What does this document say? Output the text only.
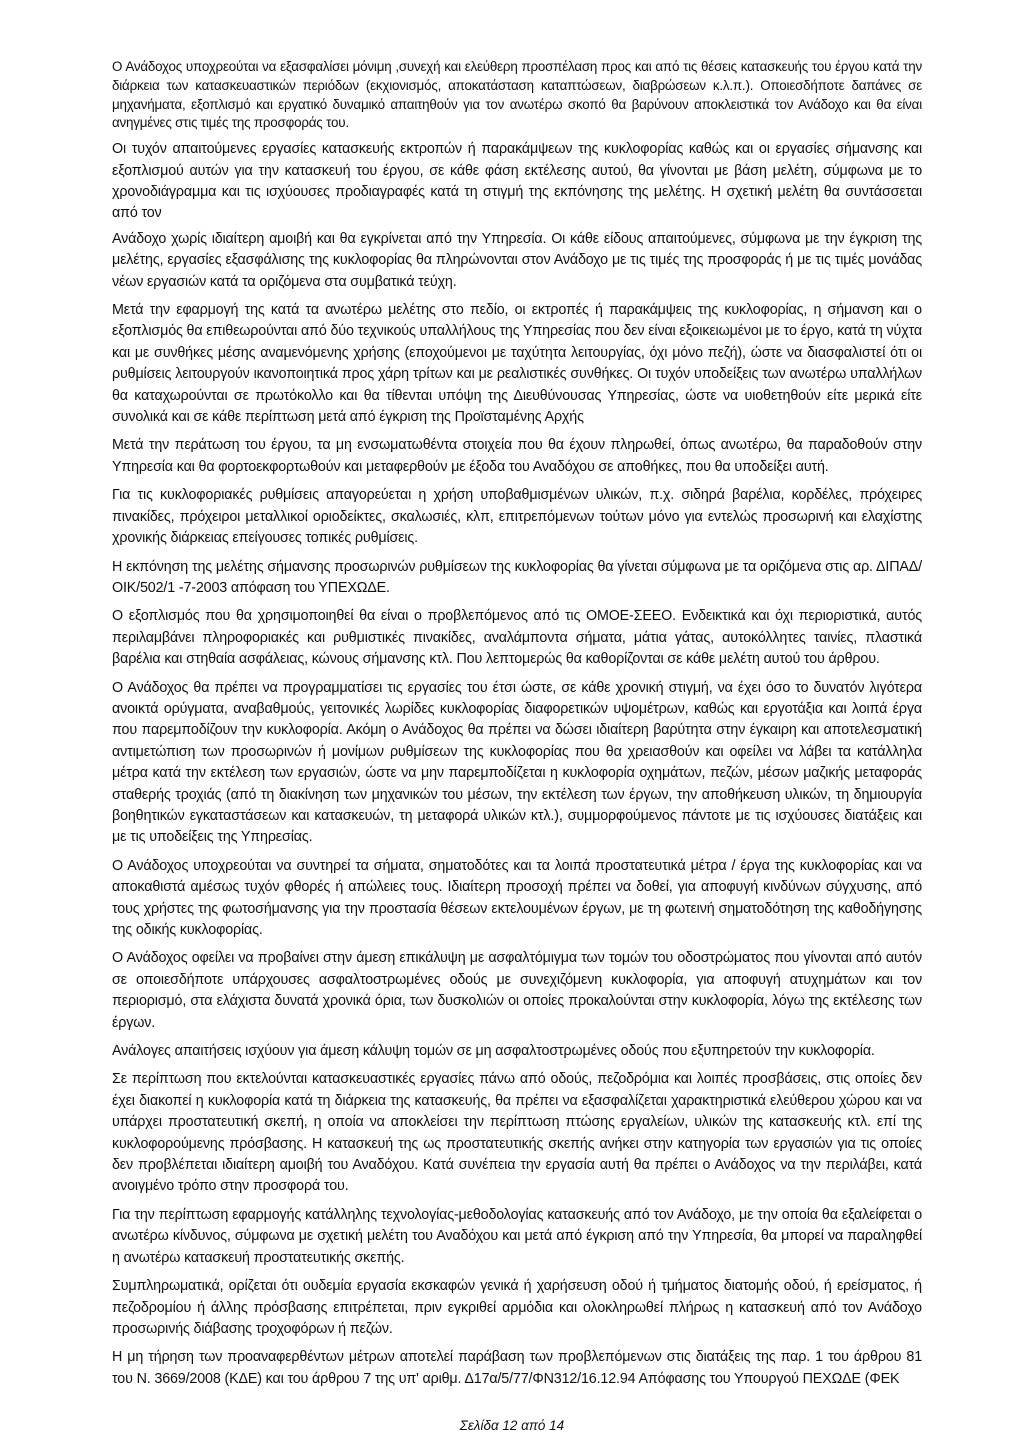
Ο Ανάδοχος υποχρεούται να εξασφαλίσει μόνιμη ,συνεχή και ελεύθερη προσπέλαση προς και από τις θέσεις κατασκευής του έργου κατά την διάρκεια των κατασκευαστικών περιόδων (εκχιονισμός, αποκατάσταση καταπτώσεων, διαβρώσεων κ.λ.π.). Οποιεσδήποτε δαπάνες σε μηχανήματα, εξοπλισμό και εργατικό δυναμικό απαιτηθούν για τον ανωτέρω σκοπό θα βαρύνουν αποκλειστικά τον Ανάδοχο και θα είναι ανηγμένες στις τιμές της προσφοράς του.

Οι τυχόν απαιτούμενες εργασίες κατασκευής εκτροπών ή παρακάμψεων της κυκλοφορίας καθώς και οι εργασίες σήμανσης και εξοπλισμού αυτών για την κατασκευή του έργου, σε κάθε φάση εκτέλεσης αυτού, θα γίνονται με βάση μελέτη, σύμφωνα με το χρονοδιάγραμμα και τις ισχύουσες προδιαγραφές κατά τη στιγμή της εκπόνησης της μελέτης. Η σχετική μελέτη θα συντάσσεται από τον

Ανάδοχο χωρίς ιδιαίτερη αμοιβή και θα εγκρίνεται από την Υπηρεσία. Οι κάθε είδους απαιτούμενες, σύμφωνα με την έγκριση της μελέτης, εργασίες εξασφάλισης της κυκλοφορίας θα πληρώνονται στον Ανάδοχο με τις τιμές της προσφοράς ή με τις τιμές μονάδας νέων εργασιών κατά τα οριζόμενα στα συμβατικά τεύχη.

Μετά την εφαρμογή της κατά τα ανωτέρω μελέτης στο πεδίο, οι εκτροπές ή παρακάμψεις της κυκλοφορίας, η σήμανση και ο εξοπλισμός θα επιθεωρούνται από δύο τεχνικούς υπαλλήλους της Υπηρεσίας που δεν είναι εξοικειωμένοι με το έργο, κατά τη νύχτα και με συνθήκες μέσης αναμενόμενης χρήσης (εποχούμενοι με ταχύτητα λειτουργίας, όχι μόνο πεζή), ώστε να διασφαλιστεί ότι οι ρυθμίσεις λειτουργούν ικανοποιητικά προς χάρη τρίτων και με ρεαλιστικές συνθήκες. Οι τυχόν υποδείξεις των ανωτέρω υπαλλήλων θα καταχωρούνται σε πρωτόκολλο και θα τίθενται υπόψη της Διευθύνουσας Υπηρεσίας, ώστε να υιοθετηθούν είτε μερικά είτε συνολικά και σε κάθε περίπτωση μετά από έγκριση της Προϊσταμένης Αρχής

Μετά την περάτωση του έργου, τα μη ενσωματωθέντα στοιχεία που θα έχουν πληρωθεί, όπως ανωτέρω, θα παραδοθούν στην Υπηρεσία και θα φορτοεκφορτωθούν και μεταφερθούν με έξοδα του Αναδόχου σε αποθήκες, που θα υποδείξει αυτή.

Για τις κυκλοφοριακές ρυθμίσεις απαγορεύεται η χρήση υποβαθμισμένων υλικών, π.χ. σιδηρά βαρέλια, κορδέλες, πρόχειρες πινακίδες, πρόχειροι μεταλλικοί οριοδείκτες, σκαλωσιές, κλπ, επιτρεπόμενων τούτων μόνο για εντελώς προσωρινή και ελαχίστης χρονικής διάρκειας επείγουσες τοπικές ρυθμίσεις.

Η εκπόνηση της μελέτης σήμανσης προσωρινών ρυθμίσεων της κυκλοφορίας θα γίνεται σύμφωνα με τα οριζόμενα στις αρ. ΔΙΠΑΔ/ΟΙΚ/502/1 -7-2003 απόφαση του ΥΠΕΧΩΔΕ.

Ο εξοπλισμός που θα χρησιμοποιηθεί θα είναι ο προβλεπόμενος από τις ΟΜΟΕ-ΣΕΕΟ. Ενδεικτικά και όχι περιοριστικά, αυτός περιλαμβάνει πληροφοριακές και ρυθμιστικές πινακίδες, αναλάμποντα σήματα, μάτια γάτας, αυτοκόλλητες ταινίες, πλαστικά βαρέλια και στηθαία ασφάλειας, κώνους σήμανσης κτλ. Που λεπτομερώς θα καθορίζονται σε κάθε μελέτη αυτού του άρθρου.

Ο Ανάδοχος θα πρέπει να προγραμματίσει τις εργασίες του έτσι ώστε, σε κάθε χρονική στιγμή, να έχει όσο το δυνατόν λιγότερα ανοικτά ορύγματα, αναβαθμούς, γειτονικές λωρίδες κυκλοφορίας διαφορετικών υψομέτρων, καθώς και εργοτάξια και λοιπά έργα που παρεμποδίζουν την κυκλοφορία. Ακόμη ο Ανάδοχος θα πρέπει να δώσει ιδιαίτερη βαρύτητα στην έγκαιρη και αποτελεσματική αντιμετώπιση των προσωρινών ή μονίμων ρυθμίσεων της κυκλοφορίας που θα χρειασθούν και οφείλει να λάβει τα κατάλληλα μέτρα κατά την εκτέλεση των εργασιών, ώστε να μην παρεμποδίζεται η κυκλοφορία οχημάτων, πεζών, μέσων μαζικής μεταφοράς σταθερής τροχιάς (από τη διακίνηση των μηχανικών του μέσων, την εκτέλεση των έργων, την αποθήκευση υλικών, τη δημιουργία βοηθητικών εγκαταστάσεων και κατασκευών, τη μεταφορά υλικών κτλ.), συμμορφούμενος πάντοτε με τις ισχύουσες διατάξεις και με τις υποδείξεις της Υπηρεσίας.

Ο Ανάδοχος υποχρεούται να συντηρεί τα σήματα, σηματοδότες και τα λοιπά προστατευτικά μέτρα / έργα της κυκλοφορίας και να αποκαθιστά αμέσως τυχόν φθορές ή απώλειες τους. Ιδιαίτερη προσοχή πρέπει να δοθεί, για αποφυγή κινδύνων σύγχυσης, από τους χρήστες της φωτοσήμανσης για την προστασία θέσεων εκτελουμένων έργων, με τη φωτεινή σηματοδότηση της καθοδήγησης της οδικής κυκλοφορίας.

Ο Ανάδοχος οφείλει να προβαίνει στην άμεση επικάλυψη με ασφαλτόμιγμα των τομών του οδοστρώματος που γίνονται από αυτόν σε οποιεσδήποτε υπάρχουσες ασφαλτοστρωμένες οδούς με συνεχιζόμενη κυκλοφορία, για αποφυγή ατυχημάτων και τον περιορισμό, στα ελάχιστα δυνατά χρονικά όρια, των δυσκολιών οι οποίες προκαλούνται στην κυκλοφορία, λόγω της εκτέλεσης των έργων.

Ανάλογες απαιτήσεις ισχύουν για άμεση κάλυψη τομών σε μη ασφαλτοστρωμένες οδούς που εξυπηρετούν την κυκλοφορία.

Σε περίπτωση που εκτελούνται κατασκευαστικές εργασίες πάνω από οδούς, πεζοδρόμια και λοιπές προσβάσεις, στις οποίες δεν έχει διακοπεί η κυκλοφορία κατά τη διάρκεια της κατασκευής, θα πρέπει να εξασφαλίζεται χαρακτηριστικά ελεύθερου χώρου και να υπάρχει προστατευτική σκεπή, η οποία να αποκλείσει την περίπτωση πτώσης εργαλείων, υλικών της κατασκευής κτλ. επί της κυκλοφορούμενης πρόσβασης. Η κατασκευή της ως προστατευτικής σκεπής ανήκει στην κατηγορία των εργασιών για τις οποίες δεν προβλέπεται ιδιαίτερη αμοιβή του Αναδόχου. Κατά συνέπεια την εργασία αυτή θα πρέπει ο Ανάδοχος να την περιλάβει, κατά ανοιγμένο τρόπο στην προσφορά του.

Για την περίπτωση εφαρμογής κατάλληλης τεχνολογίας-μεθοδολογίας κατασκευής από τον Ανάδοχο, με την οποία θα εξαλείφεται ο ανωτέρω κίνδυνος, σύμφωνα με σχετική μελέτη του Αναδόχου και μετά από έγκριση από την Υπηρεσία, θα μπορεί να παραληφθεί η ανωτέρω κατασκευή προστατευτικής σκεπής.

Συμπληρωματικά, ορίζεται ότι ουδεμία εργασία εκσκαφών γενικά ή χαρήσευση οδού ή τμήματος διατομής οδού, ή ερείσματος, ή πεζοδρομίου ή άλλης πρόσβασης επιτρέπεται, πριν εγκριθεί αρμόδια και ολοκληρωθεί πλήρως η κατασκευή από τον Ανάδοχο προσωρινής διάβασης τροχοφόρων ή πεζών.

Η μη τήρηση των προαναφερθέντων μέτρων αποτελεί παράβαση των προβλεπόμενων στις διατάξεις της παρ. 1 του άρθρου 81 του Ν. 3669/2008 (ΚΔΕ) και του άρθρου 7 της υπ' αριθμ. Δ17α/5/77/ΦΝ312/16.12.94 Απόφασης του Υπουργού ΠΕΧΩΔΕ (ΦΕΚ

Σελίδα 12 από 14
